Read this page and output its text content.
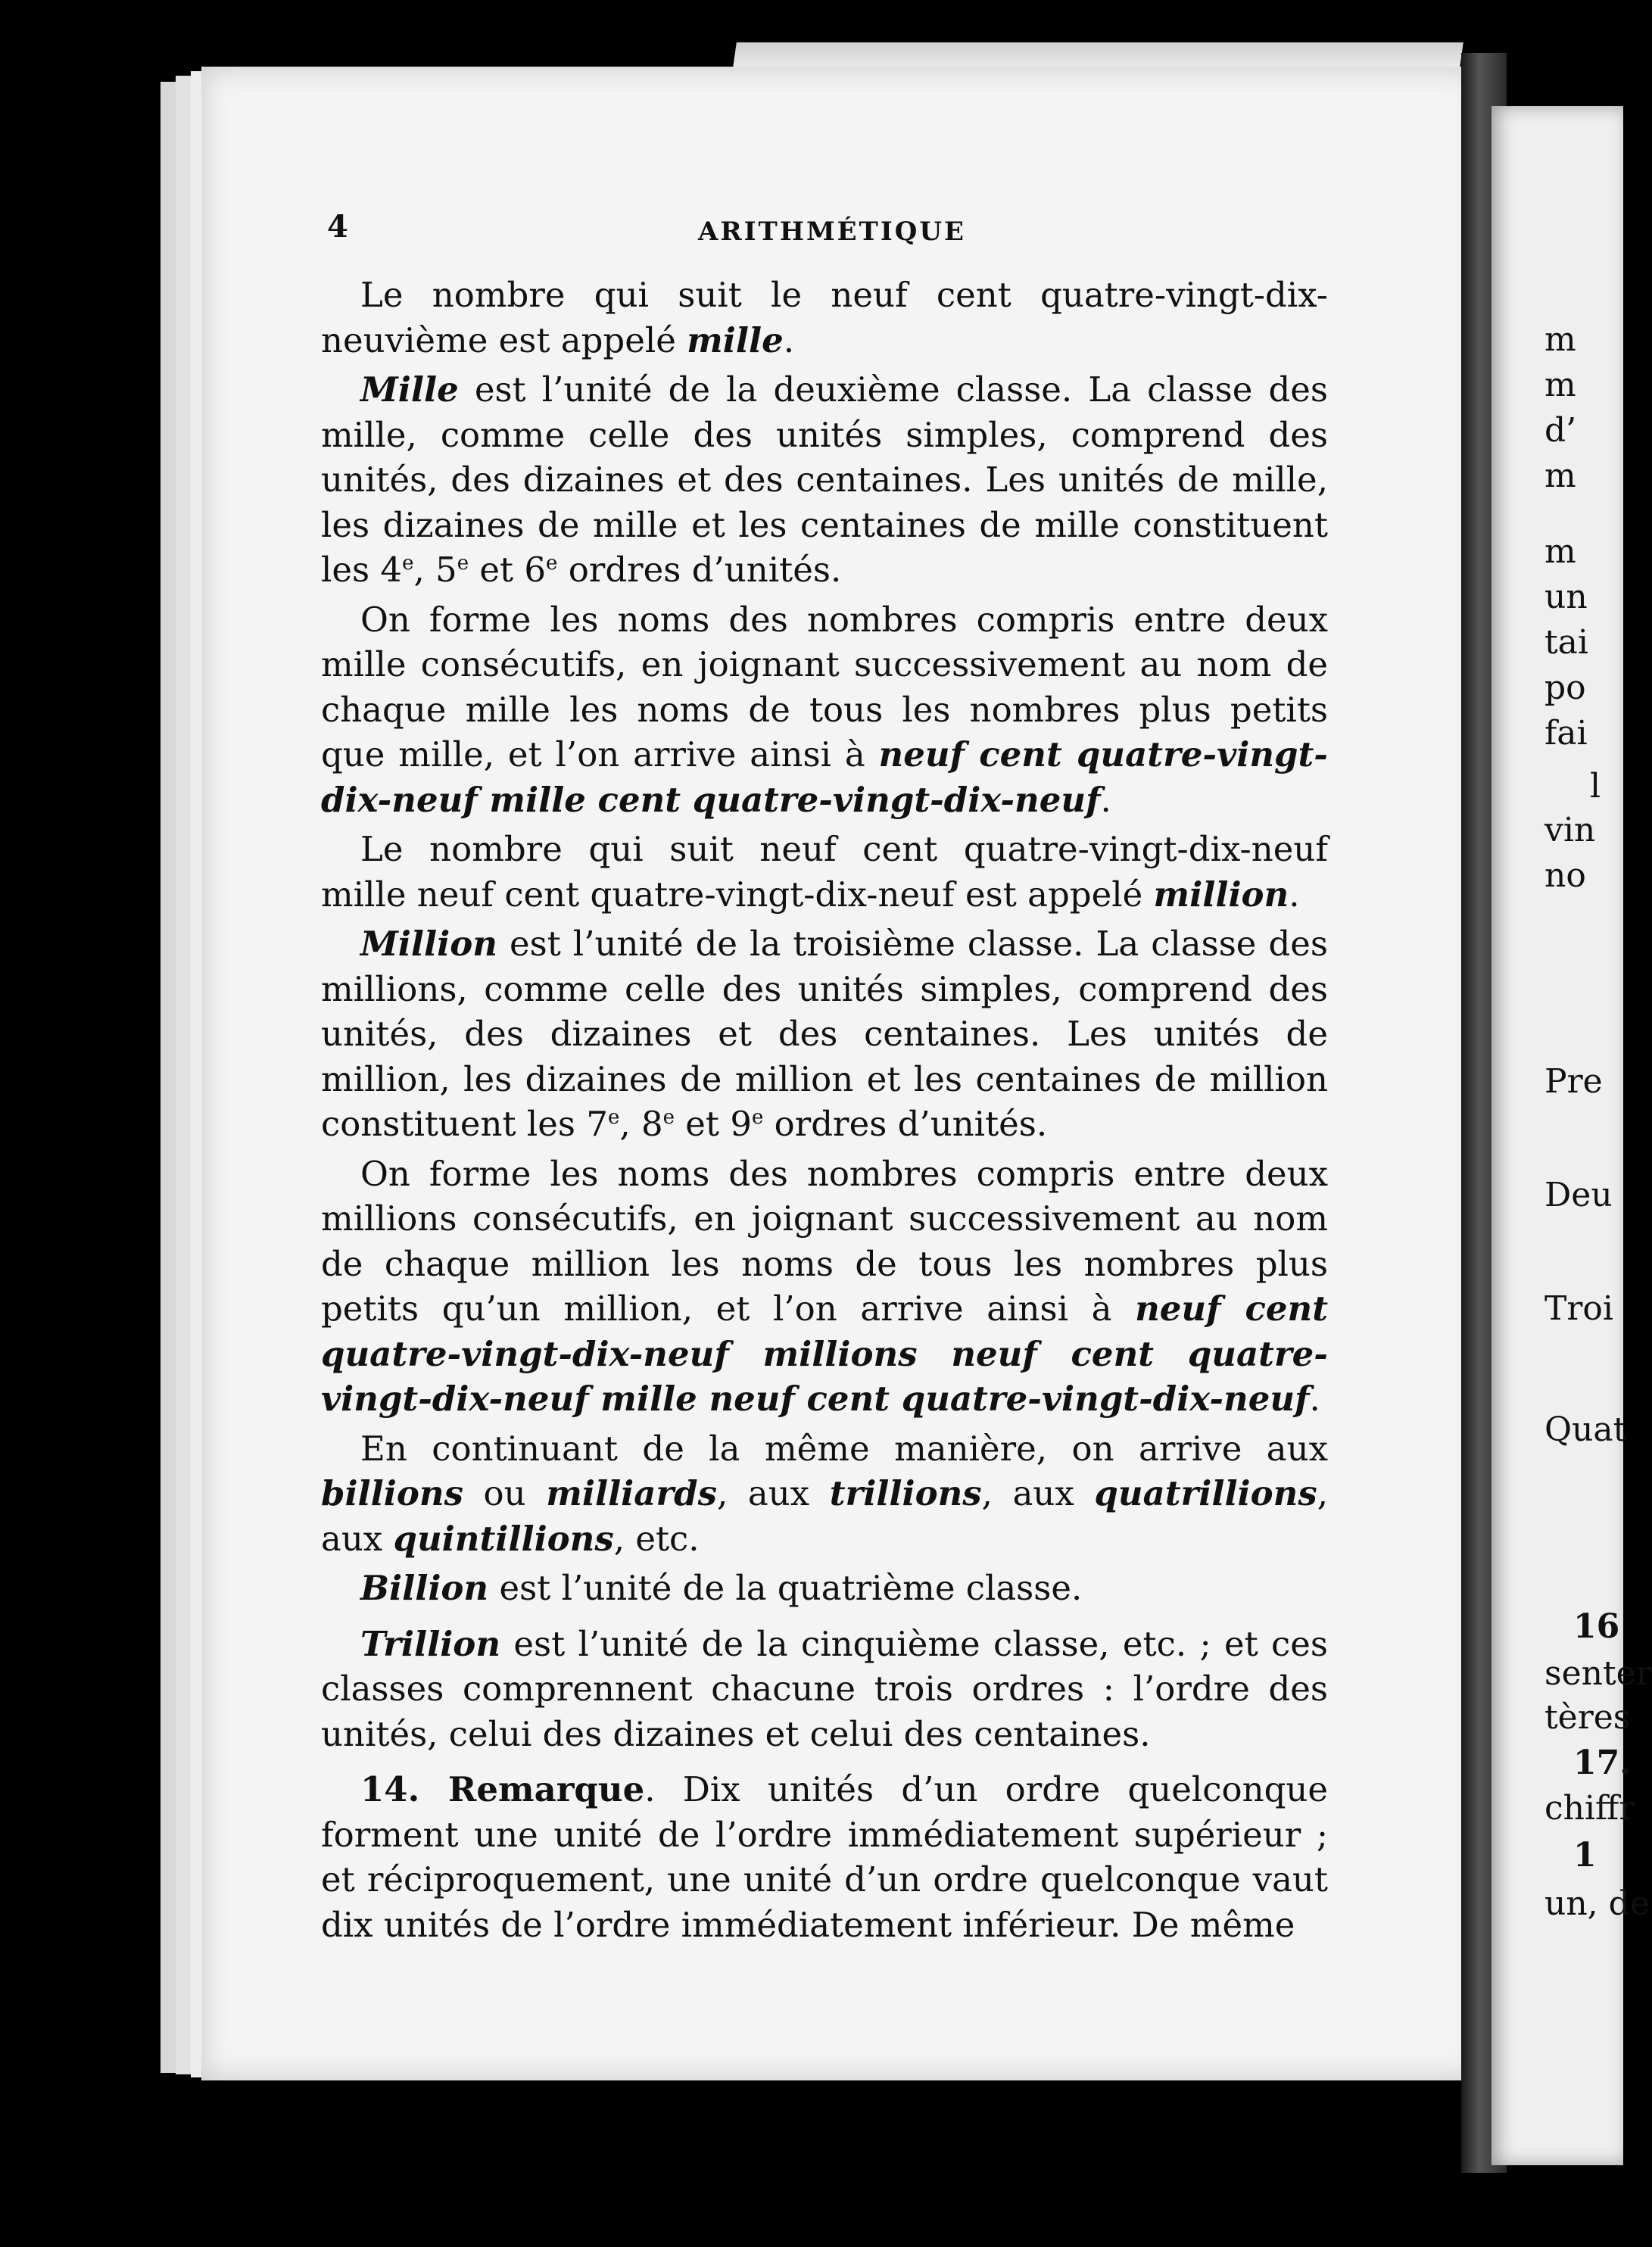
4	ARITHMÉTIQUE

Le nombre qui suit le neuf cent quatre-vingt-dix-neuvième est appelé mille.

Mille est l’unité de la deuxième classe. La classe des mille, comme celle des unités simples, comprend des unités, des dizaines et des centaines. Les unités de mille, les dizaines de mille et les centaines de mille constituent les 4e, 5e et 6e ordres d’unités.

On forme les noms des nombres compris entre deux mille consécutifs, en joignant successivement au nom de chaque mille les noms de tous les nombres plus petits que mille, et l’on arrive ainsi à neuf cent quatre-vingt-dix-neuf mille cent quatre-vingt-dix-neuf.

Le nombre qui suit neuf cent quatre-vingt-dix-neuf mille neuf cent quatre-vingt-dix-neuf est appelé million.

Million est l’unité de la troisième classe. La classe des millions, comme celle des unités simples, comprend des unités, des dizaines et des centaines. Les unités de million, les dizaines de million et les centaines de million constituent les 7e, 8e et 9e ordres d’unités.

On forme les noms des nombres compris entre deux millions consécutifs, en joignant successivement au nom de chaque million les noms de tous les nombres plus petits qu’un million, et l’on arrive ainsi à neuf cent quatre-vingt-dix-neuf millions neuf cent quatre-vingt-dix-neuf mille neuf cent quatre-vingt-dix-neuf.

En continuant de la même manière, on arrive aux billions ou milliards, aux trillions, aux quatrillions, aux quintillions, etc.

Billion est l’unité de la quatrième classe.

Trillion est l’unité de la cinquième classe, etc. ; et ces classes comprennent chacune trois ordres : l’ordre des unités, celui des dizaines et celui des centaines.

14. Remarque. Dix unités d’un ordre quelconque forment une unité de l’ordre immédiatement supérieur ; et réciproquement, une unité d’un ordre quelconque vaut dix unités de l’ordre immédiatement inférieur. De même

m
m
d’
m
m
un
tai
po
fai
l
vin
no
Pre
Deu
Troi
Quat
16
senter
tères
17.
chiffr
1
un, de
